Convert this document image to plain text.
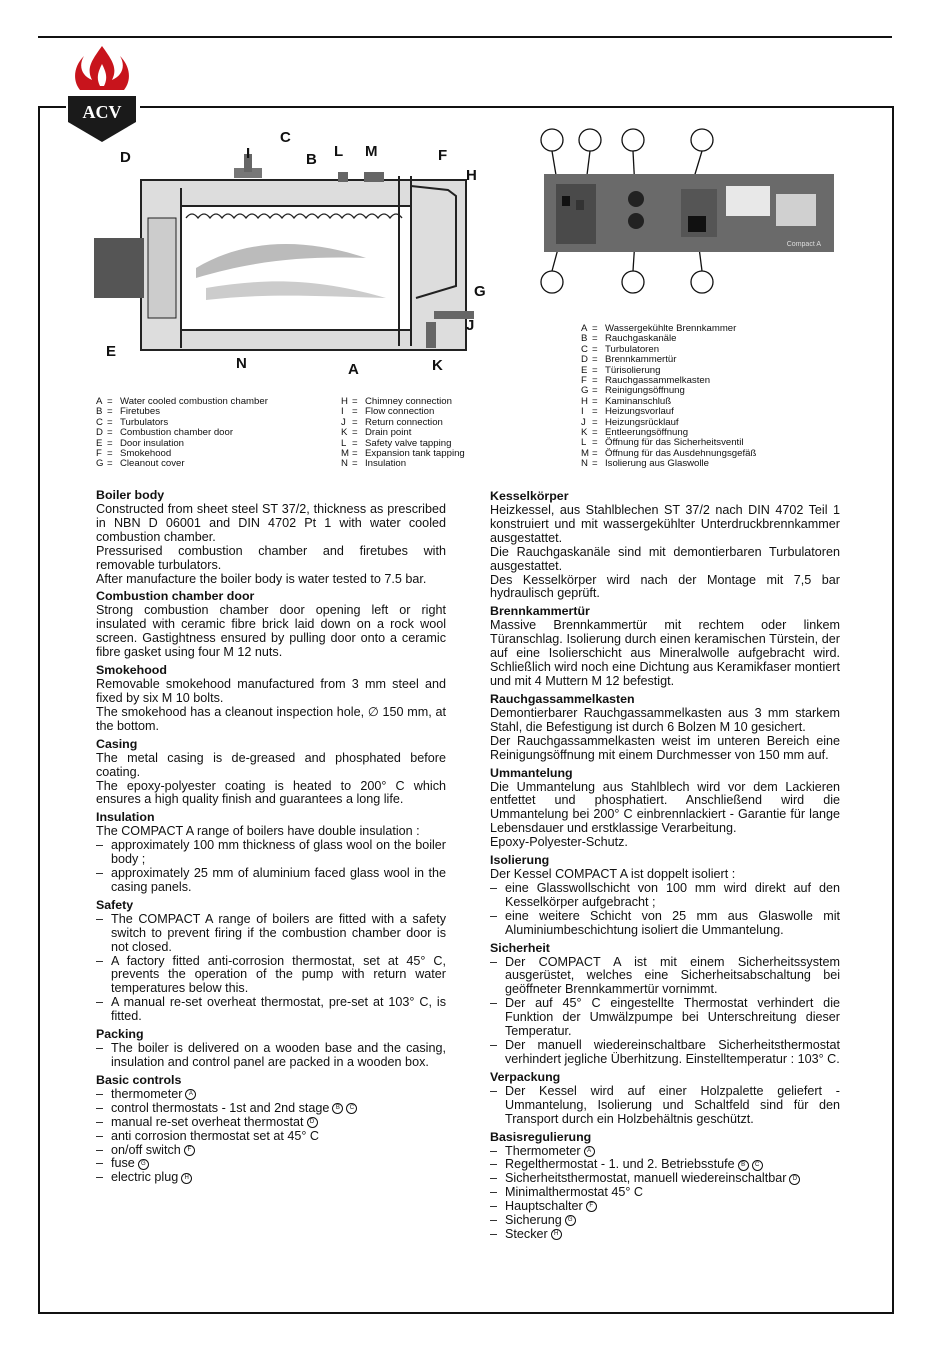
ACV
I
C
B L M	F
D
H
G
J
E
N	A	K
Compact A
A = Water cooled combustion chamber
B = Firetubes
C = Turbulators
D = Combustion chamber door
E = Door insulation
F = Smokehood
G = Cleanout cover
H = Chimney connection
I = Flow connection
J = Return connection
K = Drain point
L = Safety valve tapping
M = Expansion tank tapping
N = Insulation
A = Wassergekühlte Brennkammer
B = Rauchgaskanäle
C = Turbulatoren
D = Brennkammertür
E = Türisolierung
F = Rauchgassammelkasten
G = Reinigungsöffnung
H = Kaminanschluß
I = Heizungsvorlauf
J = Heizungsrücklauf
K = Entleerungsöffnung
L = Öffnung für das Sicherheitsventil
M = Öffnung für das Ausdehnungsgefäß
N = Isolierung aus Glaswolle
Boiler body

Constructed from sheet steel ST 37/2, thickness as prescribed in NBN D 06001 and DIN 4702 Pt 1 with water cooled combustion chamber.

Pressurised combustion chamber and firetubes with removable turbulators.

After manufacture the boiler body is water tested to 7.5 bar.

Combustion chamber door

Strong combustion chamber door opening left or right insulated with ceramic fibre brick laid down on a rock wool screen. Gastightness ensured by pulling door onto a ceramic fibre gasket using four M 12 nuts.

Smokehood

Removable smokehood manufactured from 3 mm steel and fixed by six M 10 bolts.

The smokehood has a cleanout inspection hole, ∅ 150 mm, at the bottom.

Casing

The metal casing is de-greased and phosphated before coating.

The epoxy-polyester coating is heated to 200° C which ensures a high quality finish and guarantees a long life.

Insulation

The COMPACT A range of boilers have double insulation :

– approximately 100 mm thickness of glass wool on the boiler body ;
– approximately 25 mm of aluminium faced glass wool in the casing panels.
Safety
– The COMPACT A range of boilers are fitted with a safety switch to prevent firing if the combustion chamber door is not closed.
– A factory fitted anti-corrosion thermostat, set at 45° C, prevents the operation of the pump with return water temperatures below this.
– A manual re-set overheat thermostat, pre-set at 103° C, is fitted.
Packing
– The boiler is delivered on a wooden base and the casing, insulation and control panel are packed in a wooden box.
Basic controls
– thermometer A
– control thermostats - 1st and 2nd stage B C
– manual re-set overheat thermostat D
– anti corrosion thermostat set at 45° C
– on/off switch F
– fuse G
– electric plug H
Kesselkörper

Heizkessel, aus Stahlblechen ST 37/2 nach DIN 4702 Teil 1 konstruiert und mit wassergekühlter Unterdruckbrennkammer ausgestattet.

Die Rauchgaskanäle sind mit demontierbaren Turbulatoren ausgestattet.

Des Kesselkörper wird nach der Montage mit 7,5 bar hydraulisch geprüft.

Brennkammertür

Massive Brennkammertür mit rechtem oder linkem Türanschlag. Isolierung durch einen keramischen Türstein, der auf eine Isolierschicht aus Mineralwolle aufgebracht wird. Schließlich wird noch eine Dichtung aus Keramikfaser montiert und mit 4 Muttern M 12 befestigt.

Rauchgassammelkasten

Demontierbarer Rauchgassammelkasten aus 3 mm starkem Stahl, die Befestigung ist durch 6 Bolzen M 10 gesichert.

Der Rauchgassammelkasten weist im unteren Bereich eine Reinigungsöffnung mit einem Durchmesser von 150 mm auf.

Ummantelung

Die Ummantelung aus Stahlblech wird vor dem Lackieren entfettet und phosphatiert. Anschließend wird die Ummantelung bei 200° C einbrennlackiert - Garantie für lange Lebensdauer und erstklassige Verarbeitung.

Epoxy-Polyester-Schutz.

Isolierung

Der Kessel COMPACT A ist doppelt isoliert :

– eine Glasswollschicht von 100 mm wird direkt auf den Kesselkörper aufgebracht ;
– eine weitere Schicht von 25 mm aus Glaswolle mit Aluminiumbeschichtung isoliert die Ummantelung.
Sicherheit
– Der COMPACT A ist mit einem Sicherheitssystem ausgerüstet, welches eine Sicherheitsabschaltung bei geöffneter Brennkammertür vornimmt.
– Der auf 45° C eingestellte Thermostat verhindert die Funktion der Umwälzpumpe bei Unterschreitung dieser Temperatur.
– Der manuell wiedereinschaltbare Sicherheitsthermostat verhindert jegliche Überhitzung. Einstelltemperatur : 103° C.
Verpackung
– Der Kessel wird auf einer Holzpalette geliefert - Ummantelung, Isolierung und Schaltfeld sind für den Transport durch ein Holzbehältnis geschützt.
Basisregulierung
– Thermometer A
– Regelthermostat - 1. und 2. Betriebsstufe B C
– Sicherheitsthermostat, manuell wiedereinschaltbar D
– Minimalthermostat 45° C
– Hauptschalter F
– Sicherung G
– Stecker H
